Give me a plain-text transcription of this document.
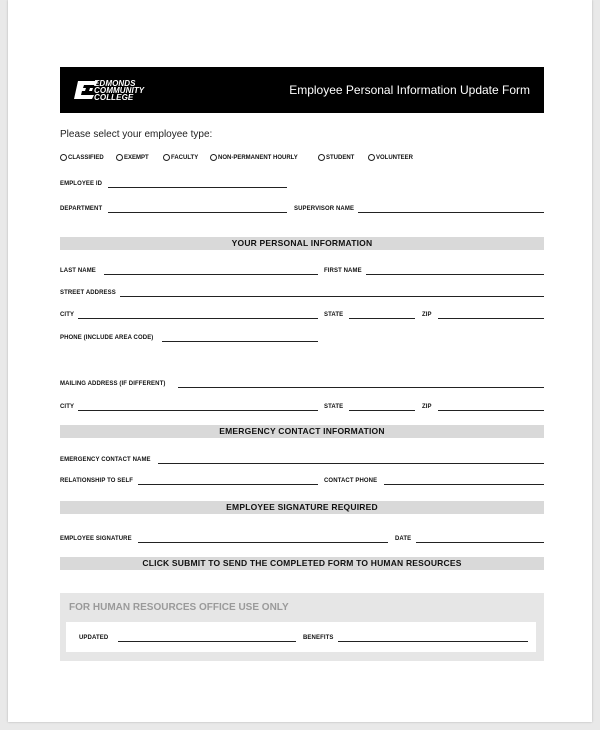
EDMONDS
COMMUNITY
COLLEGE
Employee Personal Information Update Form
Please select your employee type:
CLASSIFIED	EXEMPT	FACULTY	NON-PERMANENT HOURLY	STUDENT	VOLUNTEER
EMPLOYEE ID
DEPARTMENT	SUPERVISOR NAME
YOUR PERSONAL INFORMATION
LAST NAME	FIRST NAME
STREET ADDRESS
CITY	STATE	ZIP
PHONE (INCLUDE AREA CODE)
MAILING ADDRESS (IF DIFFERENT)
CITY	STATE	ZIP
EMERGENCY CONTACT INFORMATION
EMERGENCY CONTACT NAME
RELATIONSHIP TO SELF	CONTACT PHONE
EMPLOYEE SIGNATURE REQUIRED
EMPLOYEE SIGNATURE	DATE
CLICK SUBMIT TO SEND THE COMPLETED FORM TO HUMAN RESOURCES
FOR HUMAN RESOURCES OFFICE USE ONLY
UPDATED	BENEFITS
